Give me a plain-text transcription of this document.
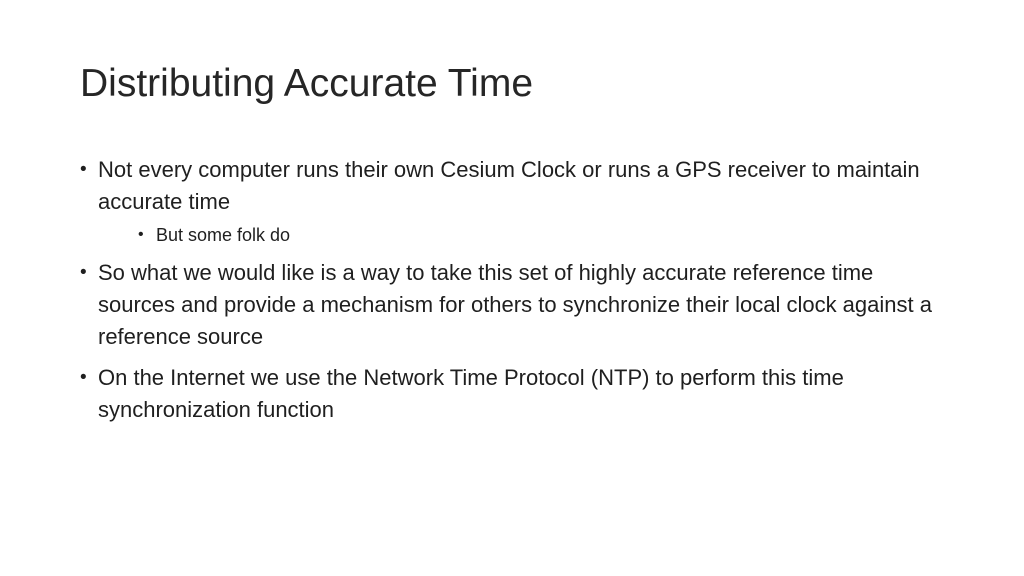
Distributing Accurate Time
• Not every computer runs their own Cesium Clock or runs a GPS receiver to maintain accurate time
• But some folk do
• So what we would like is a way to take this set of highly accurate reference time sources and provide a mechanism for others to synchronize their local clock against a reference source
• On the Internet we use the Network Time Protocol (NTP) to perform this time synchronization function
